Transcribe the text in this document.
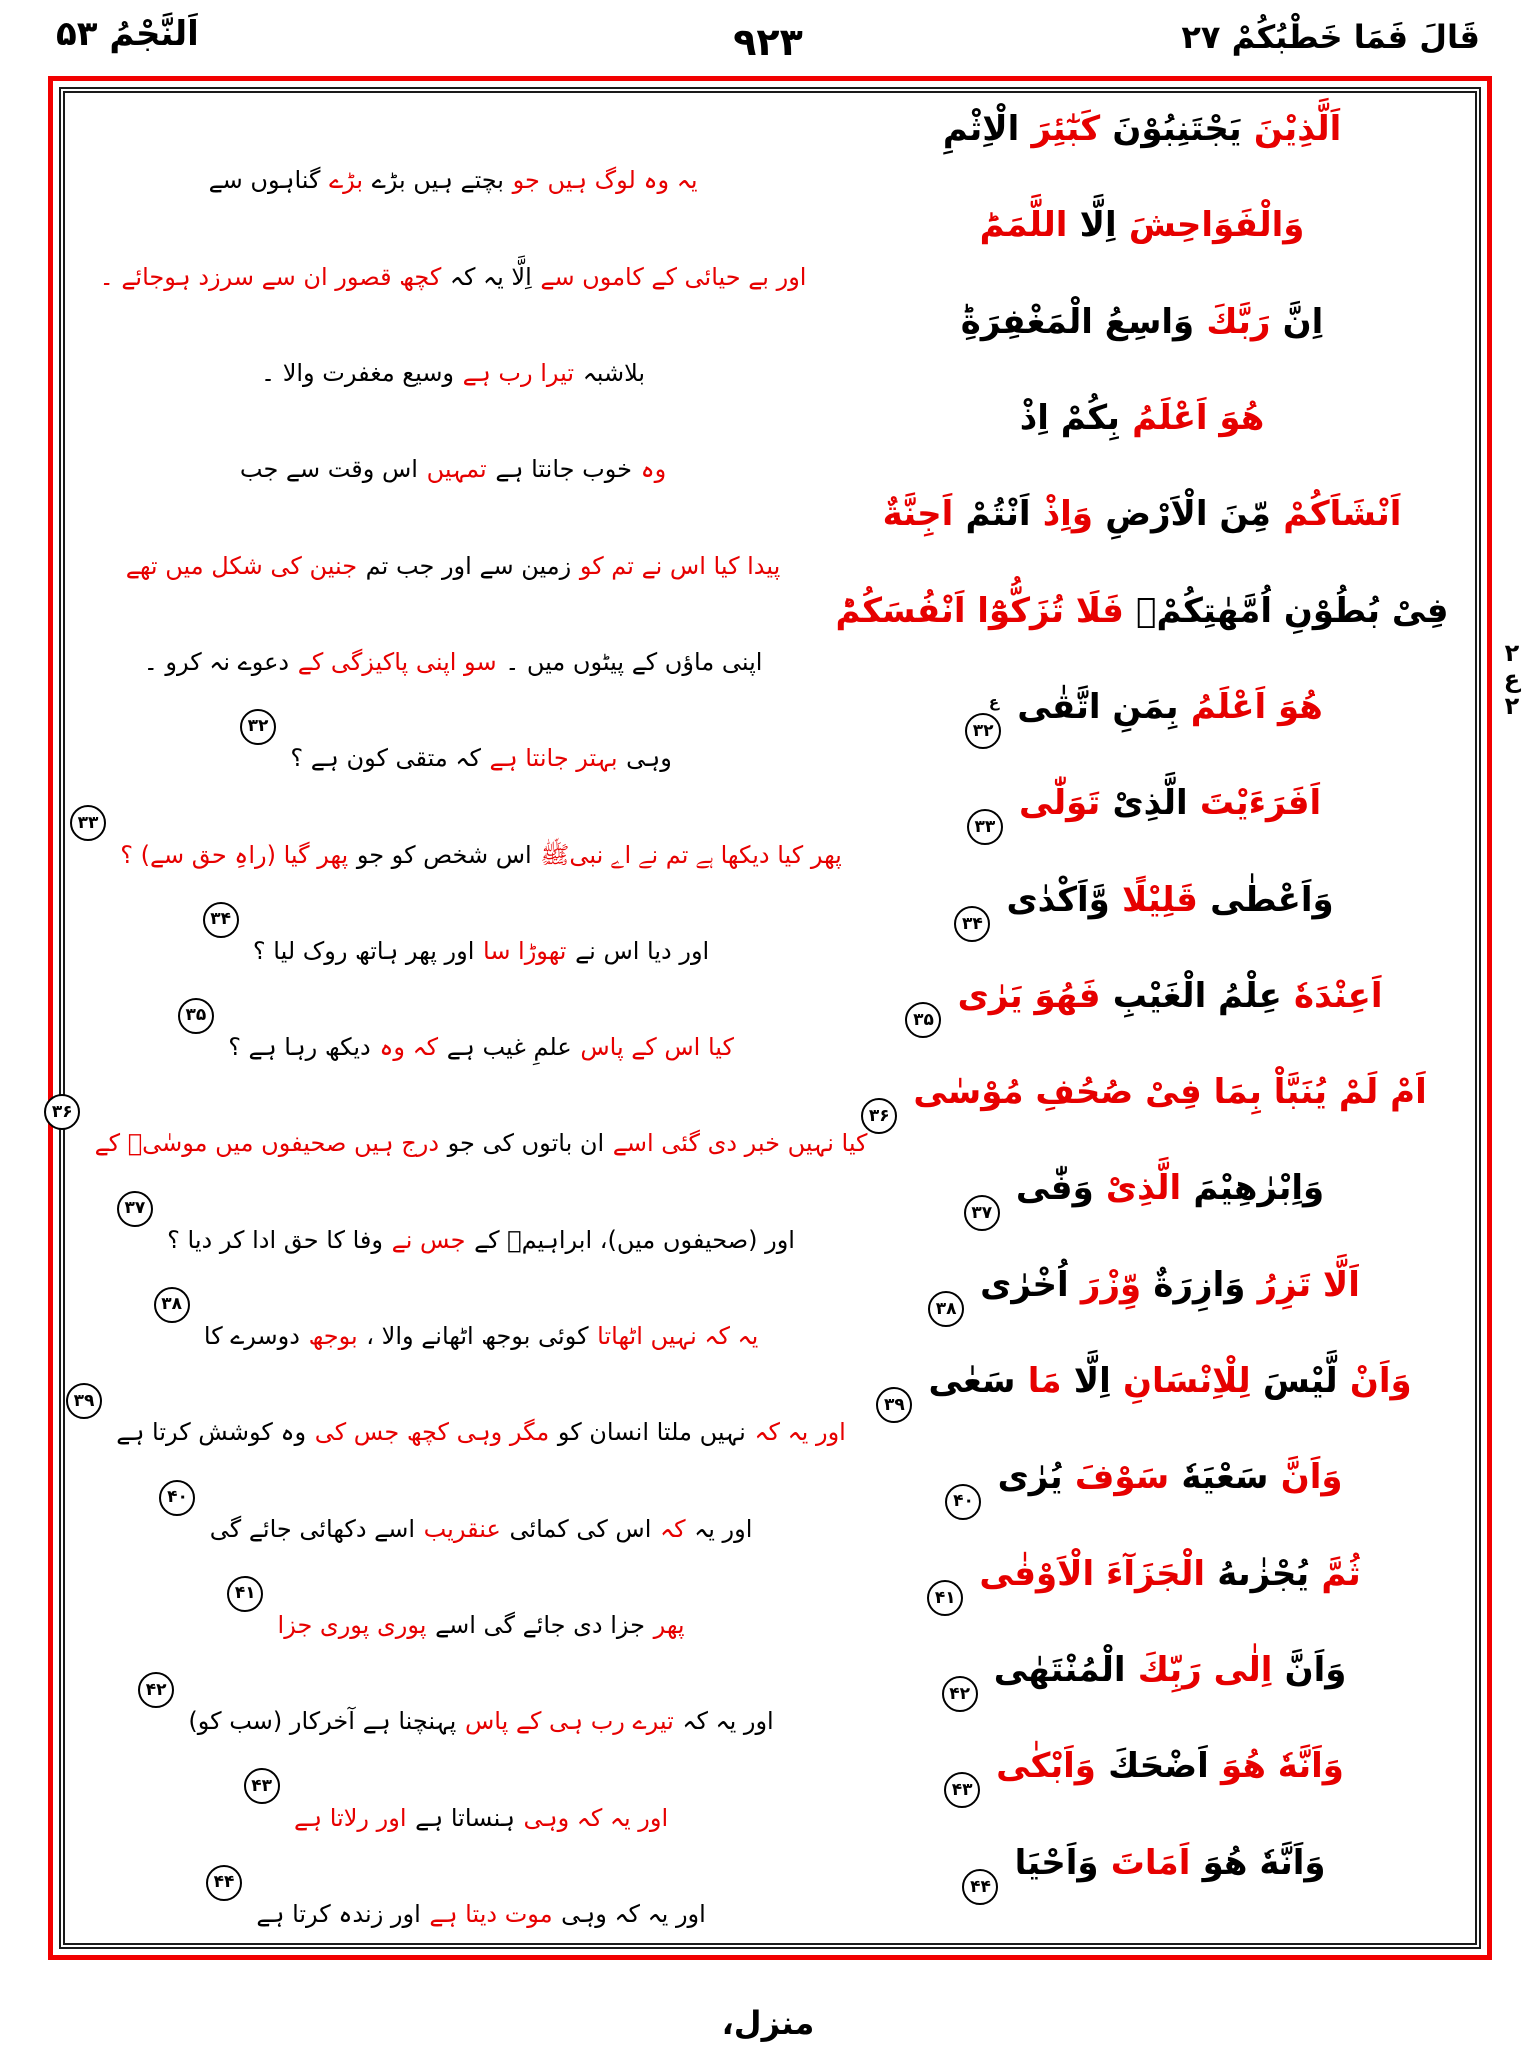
قَالَ فَمَا خَطْبُكُمْ ۲۷
٩٢٣
اَلنَّجْمُ ۵۳
یہ وہ لوگ ہیں جو
بچتے ہیں بڑے
بڑے
گناہوں سے
اَلَّذِيْنَ
يَجْتَنِبُوْنَ
كَبٰٓئِرَ
الْاِثْمِ
اور بے حیائی کے کاموں سے
اِلَّا یہ کہ
کچھ قصور ان سے سرزد ہوجائے ۔
وَالْفَوَاحِشَ
اِلَّا
اللَّمَمَؕ
بلاشبہ
تیرا رب ہے
وسیع مغفرت والا ۔
اِنَّ
رَبَّكَ
وَاسِعُ الْمَغْفِرَةِؕ
وہ
خوب جانتا ہے
تمہیں
اس وقت سے جب
هُوَ اَعْلَمُ
بِكُمْ اِذْ
پیدا کیا اس نے تم کو
زمین سے اور جب تم
جنین کی شکل میں تھے
اَنْشَاَكُمْ
مِّنَ الْاَرْضِ
وَاِذْ
اَنْتُمْ
اَجِنَّةٌ
اپنی ماؤں کے پیٹوں میں ۔
سو اپنی پاکیزگی کے
دعوے نہ کرو ۔
فِیْ بُطُوْنِ اُمَّهٰتِكُمْۚ
فَلَا تُزَكُّوْٓا اَنْفُسَكُمْؕ
وہی
بہتر جانتا ہے
کہ متقی کون ہے ؟
۳۲	هُوَ اَعْلَمُ
بِمَنِ اتَّقٰى
۳۲
ع
پھر کیا دیکھا ہے تم نے اے نبیﷺ
اس شخص کو جو
پھر گیا (راہِ حق سے) ؟
۳۳	اَفَرَءَيْتَ
الَّذِیْ
تَوَلّٰى
۳۳
اور دیا اس نے
تھوڑا سا
اور پھر ہاتھ روک لیا ؟
۳۴	وَاَعْطٰى
قَلِیْلًا
وَّاَكْدٰى
۳۴
کیا اس کے پاس
علمِ غیب ہے
کہ وہ
دیکھ رہا ہے ؟
۳۵	اَعِنْدَهٗ
عِلْمُ الْغَیْبِ
فَهُوَ يَرٰى
۳۵
کیا نہیں خبر دی گئی اسے
ان باتوں کی جو
درج ہیں صحیفوں میں موسٰیؑ کے
۳۶	اَمْ لَمْ يُنَبَّاْ بِمَا فِیْ صُحُفِ مُوْسٰى
۳۶
اور (صحیفوں میں)، ابراہیمؑ کے
جس نے
وفا کا حق ادا کر دیا ؟
۳۷	وَاِبْرٰهِیْمَ
الَّذِیْ
وَفّٰى
۳۷
یہ کہ نہیں اٹھاتا
کوئی بوجھ اٹھانے والا ،
بوجھ
دوسرے کا
۳۸	اَلَّا تَزِرُ
وَازِرَةٌ
وِّزْرَ
اُخْرٰى
۳۸
اور یہ کہ
نہیں ملتا انسان کو
مگر وہی کچھ جس کی
وہ کوشش کرتا ہے
۳۹	وَاَنْ
لَّیْسَ
لِلْاِنْسَانِ
اِلَّا
مَا
سَعٰى
۳۹
اور یہ
کہ
اس کی کمائی
عنقریب
اسے دکھائی جائے گی
۴۰	وَاَنَّ
سَعْیَهٗ
سَوْفَ
یُرٰى
۴۰
پھر
جزا دی جائے گی اسے
پوری پوری جزا
۴۱	ثُمَّ
یُجْزٰىهُ
الْجَزَآءَ الْاَوْفٰى
۴۱
اور یہ کہ
تیرے رب ہی کے پاس
پہنچنا ہے آخرکار (سب کو)
۴۲	وَاَنَّ
اِلٰى رَبِّكَ
الْمُنْتَهٰى
۴۲
اور یہ کہ وہی
ہنساتا ہے
اور رلاتا ہے
۴۳	وَاَنَّهٗ هُوَ
اَضْحَكَ
وَاَبْكٰى
۴۳
اور یہ کہ وہی
موت دیتا ہے
اور زندہ کرتا ہے
۴۴	وَاَنَّهٗ هُوَ
اَمَاتَ
وَاَحْیَا
۴۴
۲
ع
۲
منزل،
